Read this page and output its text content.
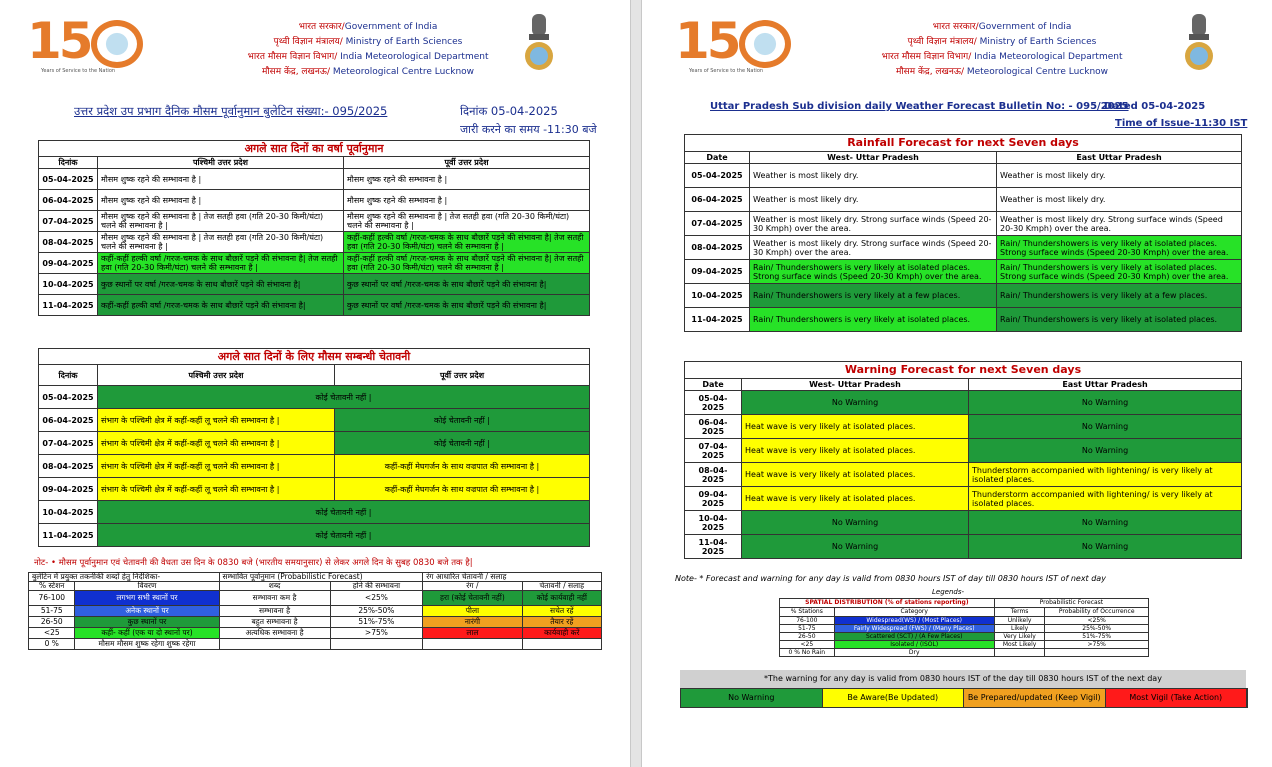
15
Years of Service to the Nation
भारत सरकार/Government of India
पृथ्वी विज्ञान मंत्रालय/ Ministry of Earth Sciences
भारत मौसम विज्ञान विभाग/ India Meteorological Department
मौसम केंद्र, लखनऊ/ Meteorological Centre Lucknow
उत्तर प्रदेश उप प्रभाग दैनिक मौसम पूर्वानुमान बुलेटिन संख्या:- 095/2025	दिनांक 05-04-2025
जारी करने का समय -11:30 बजे
अगले सात दिनों का वर्षा पूर्वानुमान		
दिनांक	पश्चिमी उत्तर प्रदेश	पूर्वी उत्तर प्रदेश
05-04-2025	मौसम शुष्क रहने की सम्भावना है |	मौसम शुष्क रहने की सम्भावना है |
06-04-2025	मौसम शुष्क रहने की सम्भावना है |	मौसम शुष्क रहने की सम्भावना है |
07-04-2025	मौसम शुष्क रहने की सम्भावना है | तेज सतही हवा (गति 20-30 किमी/घंटा) चलने की सम्भावना है |	मौसम शुष्क रहने की सम्भावना है | तेज सतही हवा (गति 20-30 किमी/घंटा) चलने की सम्भावना है |
08-04-2025	मौसम शुष्क रहने की सम्भावना है | तेज सतही हवा (गति 20-30 किमी/घंटा) चलने की सम्भावना है |	कहीं-कहीं हल्की वर्षा /गरज-चमक के साथ बौछारें पड़ने की संभावना है| तेज सतही हवा (गति 20-30 किमी/घंटा) चलने की सम्भावना है |
09-04-2025	कहीं-कहीं हल्की वर्षा /गरज-चमक के साथ बौछारें पड़ने की संभावना है| तेज सतही हवा (गति 20-30 किमी/घंटा) चलने की सम्भावना है |	कहीं-कहीं हल्की वर्षा /गरज-चमक के साथ बौछारें पड़ने की संभावना है| तेज सतही हवा (गति 20-30 किमी/घंटा) चलने की सम्भावना है |
10-04-2025	कुछ स्थानों पर वर्षा /गरज-चमक के साथ बौछारें पड़ने की संभावना है|	कुछ स्थानों पर वर्षा /गरज-चमक के साथ बौछारें पड़ने की संभावना है|
11-04-2025	कहीं-कहीं हल्की वर्षा /गरज-चमक के साथ बौछारें पड़ने की संभावना है|	कुछ स्थानों पर वर्षा /गरज-चमक के साथ बौछारें पड़ने की संभावना है|
अगले सात दिनों के लिए मौसम सम्बन्धी चेतावनी		
दिनांक	पश्चिमी उत्तर प्रदेश	पूर्वी उत्तर प्रदेश
05-04-2025	कोई चेतावनी नहीं |	
06-04-2025	संभाग के पश्चिमी क्षेत्र में कहीं-कहीं लू चलने की सम्भावना है |	कोई चेतावनी नहीं |
07-04-2025	संभाग के पश्चिमी क्षेत्र में कहीं-कहीं लू चलने की सम्भावना है |	कोई चेतावनी नहीं |
08-04-2025	संभाग के पश्चिमी क्षेत्र में कहीं-कहीं लू चलने की सम्भावना है |	कहीं-कहीं मेघगर्जन के साथ वज्रपात की सम्भावना है |
09-04-2025	संभाग के पश्चिमी क्षेत्र में कहीं-कहीं लू चलने की सम्भावना है |	कहीं-कहीं मेघगर्जन के साथ वज्रपात की सम्भावना है |
10-04-2025	कोई चेतावनी नहीं |	
11-04-2025	कोई चेतावनी नहीं |	
नोट- • मौसम पूर्वानुमान एवं चेतावनी की वैधता उस दिन के 0830 बजे (भारतीय समयानुसार) से लेकर अगले दिन के सुबह 0830 बजे तक है|
बुलेटिन में प्रयुक्त तकनीकी शब्दों हेतु निर्देशिका-		सम्भावित पूर्वानुमान (Probabilistic Forecast)		रंग आधारित चेतावनी / सलाह	
% स्टेशन	विवरण	शब्द	होने की सम्भावना	रंग /	चेतावनी / सलाह
76-100	लगभग सभी स्थानों पर	सम्भावना कम है	<25%	हरा (कोई चेतावनी नहीं)	कोई कार्यवाही नहीं
51-75	अनेक स्थानों पर	सम्भावना है	25%-50%	पीला	सचेत रहें
26-50	कुछ स्थानों पर	बहुत सम्भावना है	51%-75%	नारंगी	तैयार रहें
<25	कहीं- कहीं (एक या दो स्थानों पर)	अत्यधिक सम्भावना है	>75%	लाल	कार्यवाही करें
0 %	मौसम मौसम शुष्क रहेगा शुष्क रहेगा				
15
Years of Service to the Nation
भारत सरकार/Government of India
पृथ्वी विज्ञान मंत्रालय/ Ministry of Earth Sciences
भारत मौसम विज्ञान विभाग/ India Meteorological Department
मौसम केंद्र, लखनऊ/ Meteorological Centre Lucknow
Uttar Pradesh Sub division daily Weather Forecast Bulletin No: - 095/2025
Dated 05-04-2025
Time of Issue-11:30 IST
Rainfall Forecast for next Seven days		
Date	West- Uttar Pradesh	East Uttar Pradesh
05-04-2025	Weather is most likely dry.	Weather is most likely dry.
06-04-2025	Weather is most likely dry.	Weather is most likely dry.
07-04-2025	Weather is most likely dry. Strong surface winds (Speed 20-30 Kmph) over the area.	Weather is most likely dry. Strong surface winds (Speed 20-30 Kmph) over the area.
08-04-2025	Weather is most likely dry. Strong surface winds (Speed 20-30 Kmph) over the area.	Rain/ Thundershowers is very likely at isolated places. Strong surface winds (Speed 20-30 Kmph) over the area.
09-04-2025	Rain/ Thundershowers is very likely at isolated places. Strong surface winds (Speed 20-30 Kmph) over the area.	Rain/ Thundershowers is very likely at isolated places. Strong surface winds (Speed 20-30 Kmph) over the area.
10-04-2025	Rain/ Thundershowers is very likely at a few places.	Rain/ Thundershowers is very likely at a few places.
11-04-2025	Rain/ Thundershowers is very likely at isolated places.	Rain/ Thundershowers is very likely at isolated places.
Warning Forecast for next Seven days		
Date	West- Uttar Pradesh	East Uttar Pradesh
05-04-2025	No Warning	No Warning
06-04-2025	Heat wave is very likely at isolated places.	No Warning
07-04-2025	Heat wave is very likely at isolated places.	No Warning
08-04-2025	Heat wave is very likely at isolated places.	Thunderstorm accompanied with lightening/ is very likely at isolated places.
09-04-2025	Heat wave is very likely at isolated places.	Thunderstorm accompanied with lightening/ is very likely at isolated places.
10-04-2025	No Warning	No Warning
11-04-2025	No Warning	No Warning
Note- * Forecast and warning for any day is valid from 0830 hours IST of day till 0830 hours IST of next day
Legends-
SPATIAL DISTRIBUTION (% of stations reporting)		Probabilistic Forecast	
% Stations	Category	Terms	Probability of Occurrence
76-100	Widespread(WS) / (Most Places)	Unlikely	<25%
51-75	Fairly Widespread (FWS) / (Many Places)	Likely	25%-50%
26-50	Scattered (SCT) / (A Few Places)	Very Likely	51%-75%
<25	Isolated / (ISOL)	Most Likely	>75%
0 % No Rain	Dry		
*The warning for any day is valid from 0830 hours IST of the day till 0830 hours IST of the next day
No Warning	Be Aware(Be Updated)	Be Prepared/updated (Keep Vigil)	Most Vigil (Take Action)
